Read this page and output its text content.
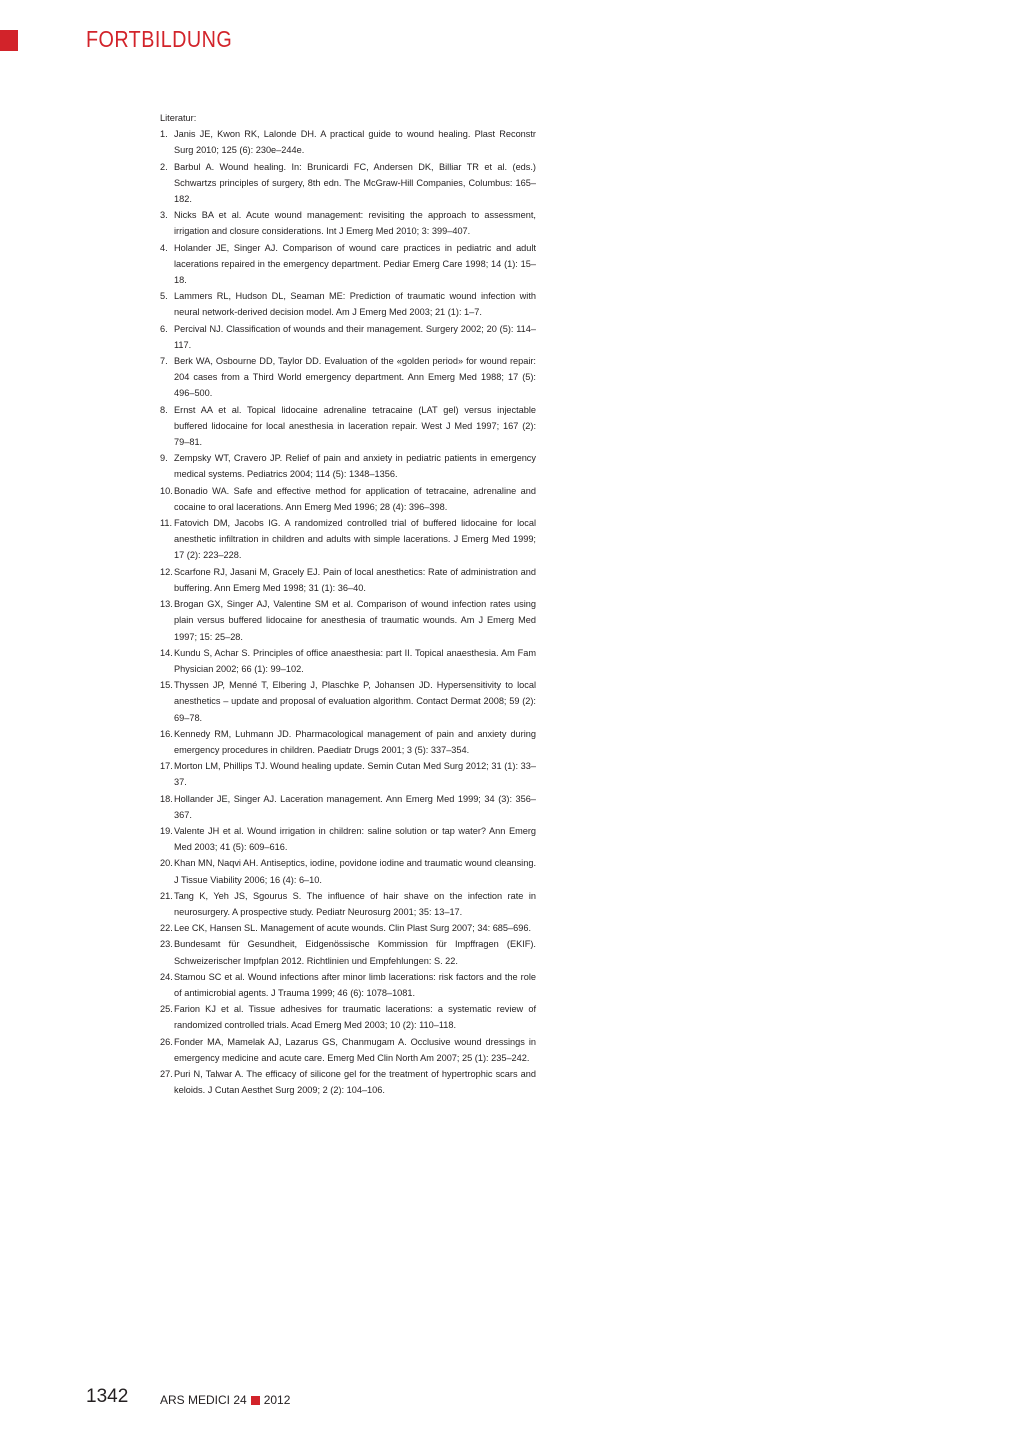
FORTBILDUNG
Literatur:
1. Janis JE, Kwon RK, Lalonde DH. A practical guide to wound healing. Plast Reconstr Surg 2010; 125 (6): 230e–244e.
2. Barbul A. Wound healing. In: Brunicardi FC, Andersen DK, Billiar TR et al. (eds.) Schwartzs principles of surgery, 8th edn. The McGraw-Hill Companies, Columbus: 165–182.
3. Nicks BA et al. Acute wound management: revisiting the approach to assessment, irrigation and closure considerations. Int J Emerg Med 2010; 3: 399–407.
4. Holander JE, Singer AJ. Comparison of wound care practices in pediatric and adult lacerations repaired in the emergency department. Pediar Emerg Care 1998; 14 (1): 15–18.
5. Lammers RL, Hudson DL, Seaman ME: Prediction of traumatic wound infection with neural network-derived decision model. Am J Emerg Med 2003; 21 (1): 1–7.
6. Percival NJ. Classification of wounds and their management. Surgery 2002; 20 (5): 114–117.
7. Berk WA, Osbourne DD, Taylor DD. Evaluation of the «golden period» for wound repair: 204 cases from a Third World emergency department. Ann Emerg Med 1988; 17 (5): 496–500.
8. Ernst AA et al. Topical lidocaine adrenaline tetracaine (LAT gel) versus injectable buffered lidocaine for local anesthesia in laceration repair. West J Med 1997; 167 (2): 79–81.
9. Zempsky WT, Cravero JP. Relief of pain and anxiety in pediatric patients in emergency medical systems. Pediatrics 2004; 114 (5): 1348–1356.
10. Bonadio WA. Safe and effective method for application of tetracaine, adrenaline and cocaine to oral lacerations. Ann Emerg Med 1996; 28 (4): 396–398.
11. Fatovich DM, Jacobs IG. A randomized controlled trial of buffered lidocaine for local anesthetic infiltration in children and adults with simple lacerations. J Emerg Med 1999; 17 (2): 223–228.
12. Scarfone RJ, Jasani M, Gracely EJ. Pain of local anesthetics: Rate of administration and buffering. Ann Emerg Med 1998; 31 (1): 36–40.
13. Brogan GX, Singer AJ, Valentine SM et al. Comparison of wound infection rates using plain versus buffered lidocaine for anesthesia of traumatic wounds. Am J Emerg Med 1997; 15: 25–28.
14. Kundu S, Achar S. Principles of office anaesthesia: part II. Topical anaesthesia. Am Fam Physician 2002; 66 (1): 99–102.
15. Thyssen JP, Menné T, Elbering J, Plaschke P, Johansen JD. Hypersensitivity to local anesthetics – update and proposal of evaluation algorithm. Contact Dermat 2008; 59 (2): 69–78.
16. Kennedy RM, Luhmann JD. Pharmacological management of pain and anxiety during emergency procedures in children. Paediatr Drugs 2001; 3 (5): 337–354.
17. Morton LM, Phillips TJ. Wound healing update. Semin Cutan Med Surg 2012; 31 (1): 33–37.
18. Hollander JE, Singer AJ. Laceration management. Ann Emerg Med 1999; 34 (3): 356–367.
19. Valente JH et al. Wound irrigation in children: saline solution or tap water? Ann Emerg Med 2003; 41 (5): 609–616.
20. Khan MN, Naqvi AH. Antiseptics, iodine, povidone iodine and traumatic wound cleansing. J Tissue Viability 2006; 16 (4): 6–10.
21. Tang K, Yeh JS, Sgourus S. The influence of hair shave on the infection rate in neurosurgery. A prospective study. Pediatr Neurosurg 2001; 35: 13–17.
22. Lee CK, Hansen SL. Management of acute wounds. Clin Plast Surg 2007; 34: 685–696.
23. Bundesamt für Gesundheit, Eidgenössische Kommission für Impffragen (EKIF). Schweizerischer Impfplan 2012. Richtlinien und Empfehlungen: S. 22.
24. Stamou SC et al. Wound infections after minor limb lacerations: risk factors and the role of antimicrobial agents. J Trauma 1999; 46 (6): 1078–1081.
25. Farion KJ et al. Tissue adhesives for traumatic lacerations: a systematic review of randomized controlled trials. Acad Emerg Med 2003; 10 (2): 110–118.
26. Fonder MA, Mamelak AJ, Lazarus GS, Chanmugam A. Occlusive wound dressings in emergency medicine and acute care. Emerg Med Clin North Am 2007; 25 (1): 235–242.
27. Puri N, Talwar A. The efficacy of silicone gel for the treatment of hypertrophic scars and keloids. J Cutan Aesthet Surg 2009; 2 (2): 104–106.
1342	ARS MEDICI 24 2012
